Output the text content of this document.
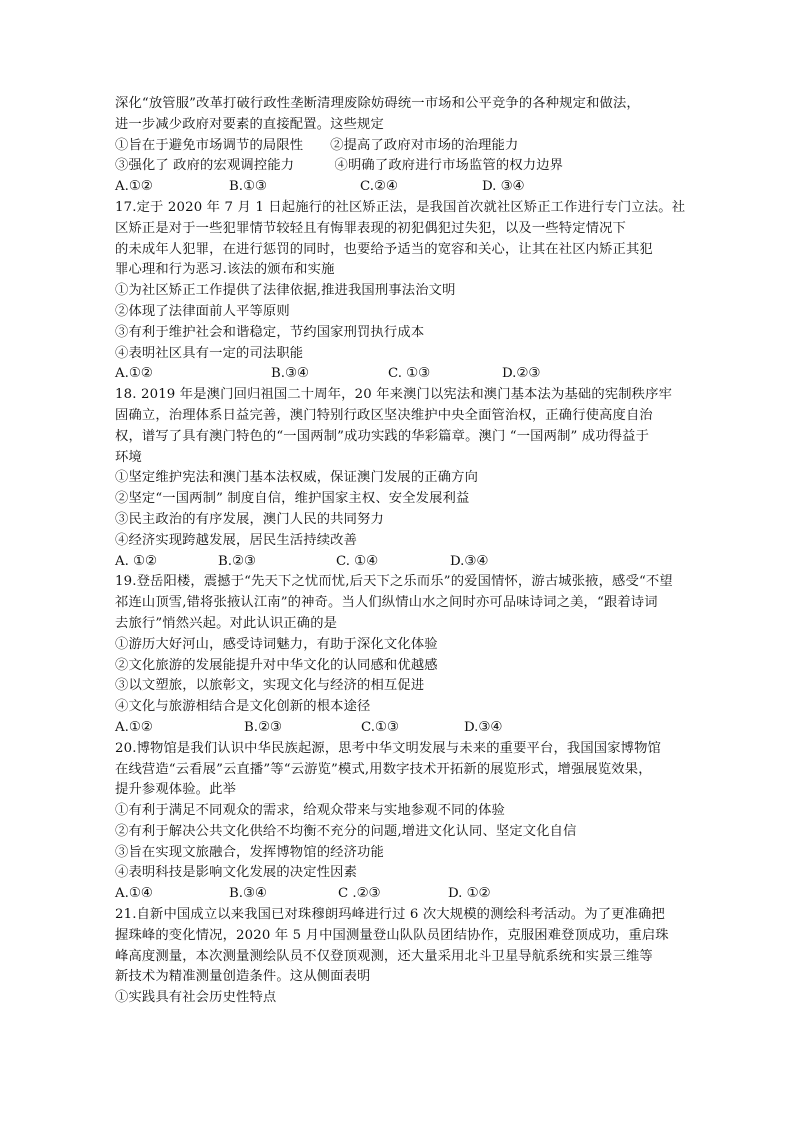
深化“放管服”改革打破行政性垄断清理废除妨碍统一市场和公平竞争的各种规定和做法，
进一步减少政府对要素的直接配置。这些规定
①旨在于避免市场调节的局限性　　②提高了政府对市场的治理能力
③强化了 政府的宏观调控能力　　　④明确了政府进行市场监管的权力边界
A.①②	B.①③	C.②④	D. ③④
17.定于 2020 年 7 月 1 日起施行的社区矫正法，是我国首次就社区矫正工作进行专门立法。社
区矫正是对于一些犯罪情节较轻且有悔罪表现的初犯偶犯过失犯，以及一些特定情况下
的未成年人犯罪，在进行惩罚的同时，也要给予适当的宽容和关心，让其在社区内矫正其犯
罪心理和行为恶习.该法的颁布和实施
①为社区矫正工作提供了法律依据,推进我国刑事法治文明
②体现了法律面前人平等原则
③有利于维护社会和谐稳定，节约国家刑罚执行成本
④表明社区具有一定的司法职能
A.①②	B.③④	C. ①③	D.②③
18. 2019 年是澳门回归祖国二十周年，20 年来澳门以宪法和澳门基本法为基础的宪制秩序牢
固确立，治理体系日益完善，澳门特别行政区坚决维护中央全面管治权，正确行使高度自治
权，谱写了具有澳门特色的“一国两制”成功实践的华彩篇章。澳门 “一国两制” 成功得益于
环境
①坚定维护宪法和澳门基本法权威，保证澳门发展的正确方向
②坚定“一国两制” 制度自信，维护国家主权、安全发展利益
③民主政治的有序发展，澳门人民的共同努力
④经济实现跨越发展，居民生活持续改善
A. ①②	B.②③	C. ①④	D.③④
19.登岳阳楼，震撼于“先天下之忧而忧,后天下之乐而乐”的爱国情怀，游古城张掖，感受“不望
祁连山顶雪,错将张掖认江南”的神奇。当人们纵情山水之间时亦可品味诗词之美，“跟着诗词
去旅行”悄然兴起。对此认识正确的是
①游历大好河山，感受诗词魅力，有助于深化文化体验
②文化旅游的发展能提升对中华文化的认同感和优越感
③以文塑旅，以旅彰文，实现文化与经济的相互促进
④文化与旅游相结合是文化创新的根本途径
A.①②	B.②③	C.①③	D.③④
20.博物馆是我们认识中华民族起源，思考中华文明发展与未来的重要平台，我国国家博物馆
在线营造“云看展”云直播”等“云游览”模式,用数字技术开拓新的展览形式，增强展览效果，
提升参观体验。此举
①有利于满足不同观众的需求，给观众带来与实地参观不同的体验
②有利于解决公共文化供给不均衡不充分的问题,增进文化认同、坚定文化自信
③旨在实现文旅融合，发挥博物馆的经济功能
④表明科技是影响文化发展的决定性因素
A.①④	B.③④	C .②③	D. ①②
21.自新中国成立以来我国已对珠穆朗玛峰进行过 6 次大规模的测绘科考活动。为了更准确把
握珠峰的变化情况，2020 年 5 月中国测量登山队队员团结协作，克服困难登顶成功，重启珠
峰高度测量，本次测量测绘队员不仅登顶观测，还大量采用北斗卫星导航系统和实景三维等
新技术为精准测量创造条件。这从侧面表明
①实践具有社会历史性特点
